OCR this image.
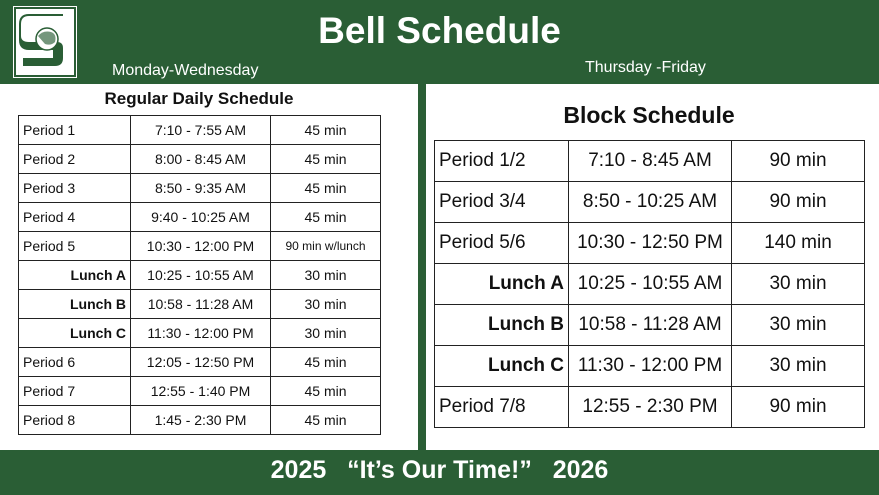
Bell Schedule
Monday-Wednesday	Thursday -Friday
Regular Daily Schedule
Period 1	7:10 - 7:55 AM	45 min
Period 2	8:00 - 8:45 AM	45 min
Period 3	8:50 - 9:35 AM	45 min
Period 4	9:40 - 10:25 AM	45 min
Period 5	10:30 - 12:00 PM	90 min w/lunch
Lunch A	10:25 - 10:55 AM	30 min
Lunch B	10:58 - 11:28 AM	30 min
Lunch C	11:30 - 12:00 PM	30 min
Period 6	12:05 - 12:50 PM	45 min
Period 7	12:55 - 1:40 PM	45 min
Period 8	1:45 - 2:30 PM	45 min
Block Schedule
Period 1/2	7:10 - 8:45 AM	90 min
Period 3/4	8:50 - 10:25 AM	90 min
Period 5/6	10:30 - 12:50 PM	140 min
Lunch A	10:25 - 10:55 AM	30 min
Lunch B	10:58 - 11:28 AM	30 min
Lunch C	11:30 - 12:00 PM	30 min
Period 7/8	12:55 - 2:30 PM	90 min
2025 “It’s Our Time!” 2026
